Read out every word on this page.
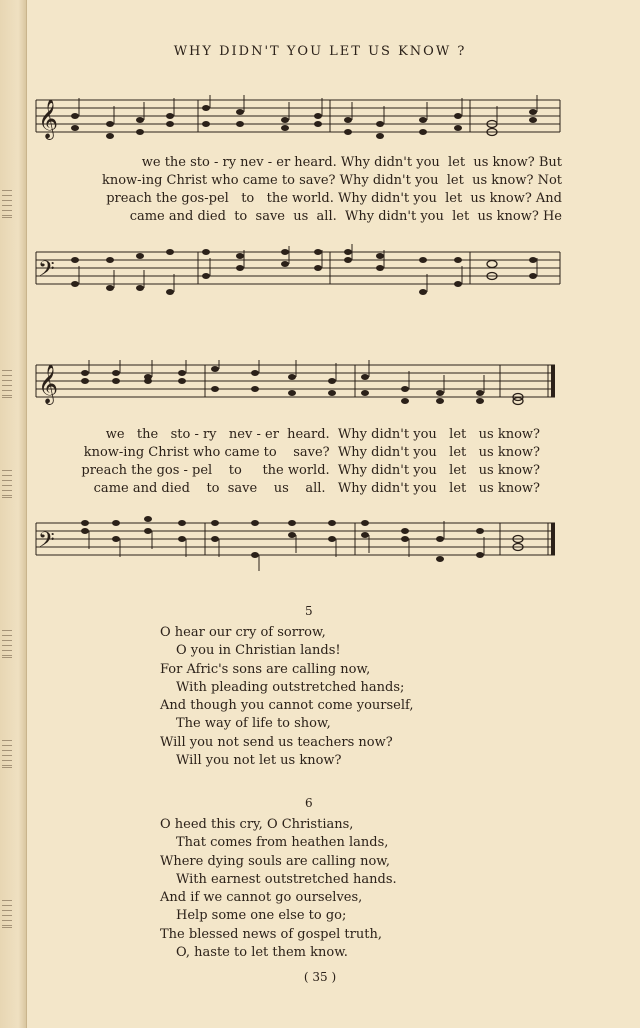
WHY DIDN'T YOU LET US KNOW ?
𝄞
we the sto - ry nev - er heard. Why didn't you  let  us know? But
know-ing Christ who came to save? Why didn't you  let  us know? Not
preach the gos-pel   to   the world. Why didn't you  let  us know? And
came and died  to  save  us  all.  Why didn't you  let  us know? He
𝄢
𝄞
we   the   sto - ry   nev - er  heard.  Why didn't you   let   us know?
know-ing Christ who came to    save?  Why didn't you   let   us know?
preach the gos - pel    to     the world.  Why didn't you   let   us know?
came and died    to  save    us    all.   Why didn't you   let   us know?
𝄢
5
O hear our cry of sorrow,
O you in Christian lands!
For Afric's sons are calling now,
With pleading outstretched hands;
And though you cannot come yourself,
The way of life to show,
Will you not send us teachers now?
Will you not let us know?
6
O heed this cry, O Christians,
That comes from heathen lands,
Where dying souls are calling now,
With earnest outstretched hands.
And if we cannot go ourselves,
Help some one else to go;
The blessed news of gospel truth,
O, haste to let them know.
( 35 )
